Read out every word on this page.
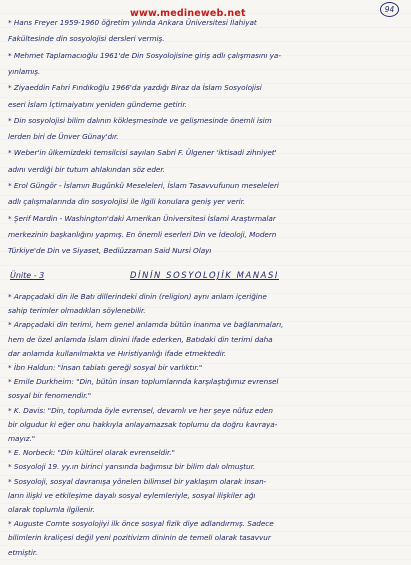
94
www.medineweb.net
* Hans Freyer 1959-1960 öğretim yılında Ankara Üniversitesi İlahiyat
Fakültesinde din sosyolojisi dersleri vermiş.
* Mehmet Taplamacıoğlu 1961'de Din Sosyolojisine giriş adlı çalışmasını ya-
yınlamış.
* Ziyaeddin Fahri Fındıkoğlu 1966'da yazdığı Biraz da İslam Sosyolojisi
eseri İslam İçtimaiyatını yeniden gündeme getirir.
* Din sosyolojisi bilim dalının kökleşmesinde ve gelişmesinde önemli isim
lerden biri de Ünver Günay'dır.
* Weber'in ülkemizdeki temsilcisi sayılan Sabri F. Ülgener 'iktisadi zihniyet'
adını verdiği bir tutum ahlakından söz eder.
* Erol Güngör - İslamın Bugünkü Meseleleri, İslam Tasavvufunun meseleleri
adlı çalışmalarında din sosyolojisi ile ilgili konulara geniş yer verir.
* Şerif Mardin - Washington'daki Amerikan Üniversitesi İslami Araştırmalar
merkezinin başkanlığını yapmış. En önemli eserleri Din ve İdeoloji, Modern
Türkiye'de Din ve Siyaset, Bediüzzaman Said Nursi Olayı
Ünite - 3	DİNİN SOSYOLOJİK MANASI
* Arapçadaki din ile Batı dillerindeki dinin (religion) aynı anlam içeriğine
sahip terimler olmadıkları söylenebilir.
* Arapçadaki din terimi, hem genel anlamda bütün inanma ve bağlanmaları,
hem de özel anlamda İslam dinini ifade ederken, Batıdaki din terimi daha
dar anlamda kullanılmakta ve Hıristiyanlığı ifade etmektedir.
* İbn Haldun: "İnsan tabiatı gereği sosyal bir varlıktır."
* Emile Durkheim: "Din, bütün insan toplumlarında karşılaştığımız evrensel
sosyal bir fenomendir."
* K. Davis: "Din, toplumda öyle evrensel, devamlı ve her şeye nüfuz eden
bir olgudur ki eğer onu hakkıyla anlayamazsak toplumu da doğru kavraya-
mayız."
* E. Norbeck: "Din kültürel olarak evrenseldir."
* Sosyoloji 19. yy.ın birinci yarısında bağımsız bir bilim dalı olmuştur.
* Sosyoloji, sosyal davranışa yönelen bilimsel bir yaklaşım olarak insan-
ların ilişki ve etkileşime dayalı sosyal eylemleriyle, sosyal ilişkiler ağı
olarak toplumla ilgilenir.
* Auguste Comte sosyolojiyi ilk önce sosyal fizik diye adlandırmış. Sadece
bilimlerin kraliçesi değil yeni pozitivizm dininin de temeli olarak tasavvur
etmiştir.
